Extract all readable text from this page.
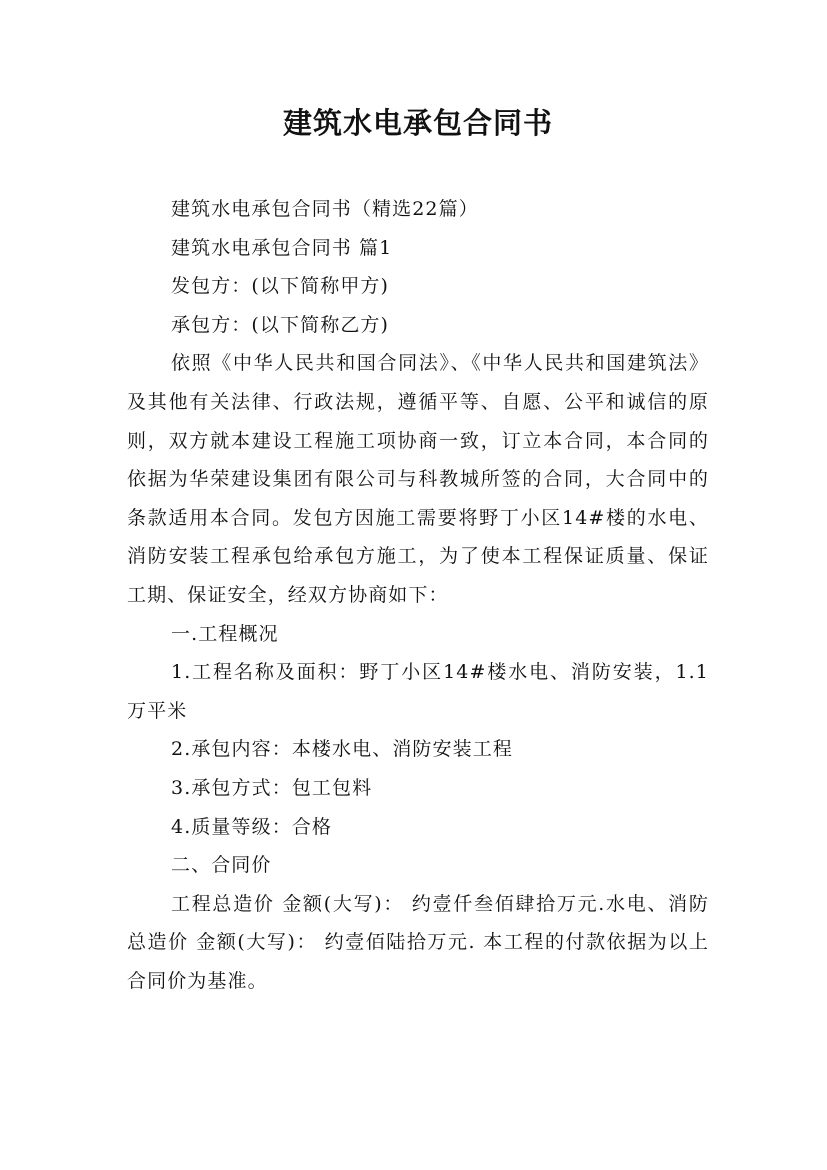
建筑水电承包合同书

建筑水电承包合同书（精选22篇）

建筑水电承包合同书 篇1

发包方：(以下简称甲方)

承包方：(以下简称乙方)

依照《中华人民共和国合同法》、《中华人民共和国建筑法》及其他有关法律、行政法规，遵循平等、自愿、公平和诚信的原则，双方就本建设工程施工项协商一致，订立本合同，本合同的依据为华荣建设集团有限公司与科教城所签的合同，大合同中的条款适用本合同。发包方因施工需要将野丁小区14#楼的水电、消防安装工程承包给承包方施工，为了使本工程保证质量、保证工期、保证安全，经双方协商如下：

一.工程概况

1.工程名称及面积：野丁小区14#楼水电、消防安装，1.1万平米

2.承包内容：本楼水电、消防安装工程

3.承包方式：包工包料

4.质量等级：合格

二、合同价

工程总造价 金额(大写)： 约壹仟叁佰肆拾万元.水电、消防总造价 金额(大写)： 约壹佰陆拾万元. 本工程的付款依据为以上合同价为基准。
